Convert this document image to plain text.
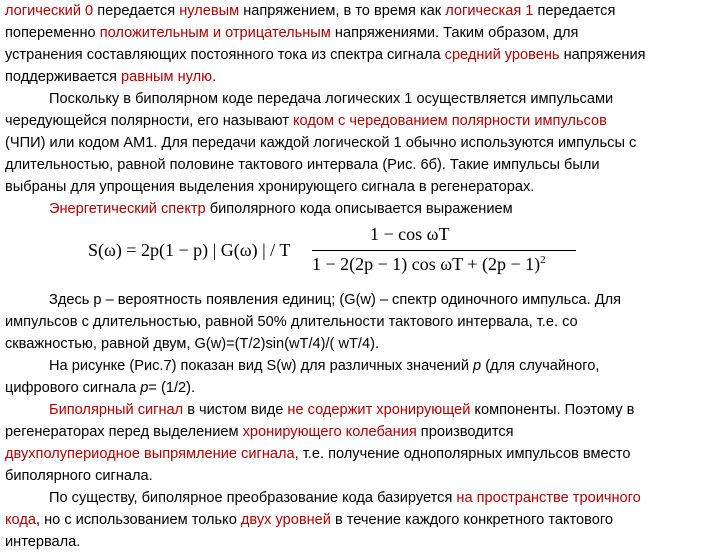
логический 0 передается нулевым напряжением, в то время как логическая 1 передается
попеременно положительным и отрицательным напряжениями. Таким образом, для
устранения составляющих постоянного тока из спектра сигнала средний уровень напряжения
поддерживается равным нулю.
Поскольку в биполярном коде передача логических 1 осуществляется импульсами
чередующейся полярности, его называют кодом с чередованием полярности импульсов
(ЧПИ) или кодом AM1. Для передачи каждой логической 1 обычно используются импульсы с
длительностью, равной половине тактового интервала (Рис. 6б). Такие импульсы были
выбраны для упрощения выделения хронирующего сигнала в регенераторах.
Энергетический спектр биполярного кода описывается выражением
S(ω) = 2p(1 − p) | G(ω) | / T
1 − cos ωT
1 − 2(2p − 1) $\cos \omega T + (2p - 1)^2$
Здесь p – вероятность появления единиц; (G(w) – спектр одиночного импульса. Для
импульсов с длительностью, равной 50% длительности тактового интервала, т.е. со
скважностью, равной двум, G(w)=(T/2)sin(wT/4)/( wT/4).
На рисунке (Рис.7) показан вид S(w) для различных значений p (для случайного,
цифрового сигнала p= (1/2).
Биполярный сигнал в чистом виде не содержит хронирующей компоненты. Поэтому в
регенераторах перед выделением хронирующего колебания производится
двухполупериодное выпрямление сигнала, т.е. получение однополярных импульсов вместо
биполярного сигнала.
По существу, биполярное преобразование кода базируется на пространстве троичного
кода, но с использованием только двух уровней в течение каждого конкретного тактового
интервала.
